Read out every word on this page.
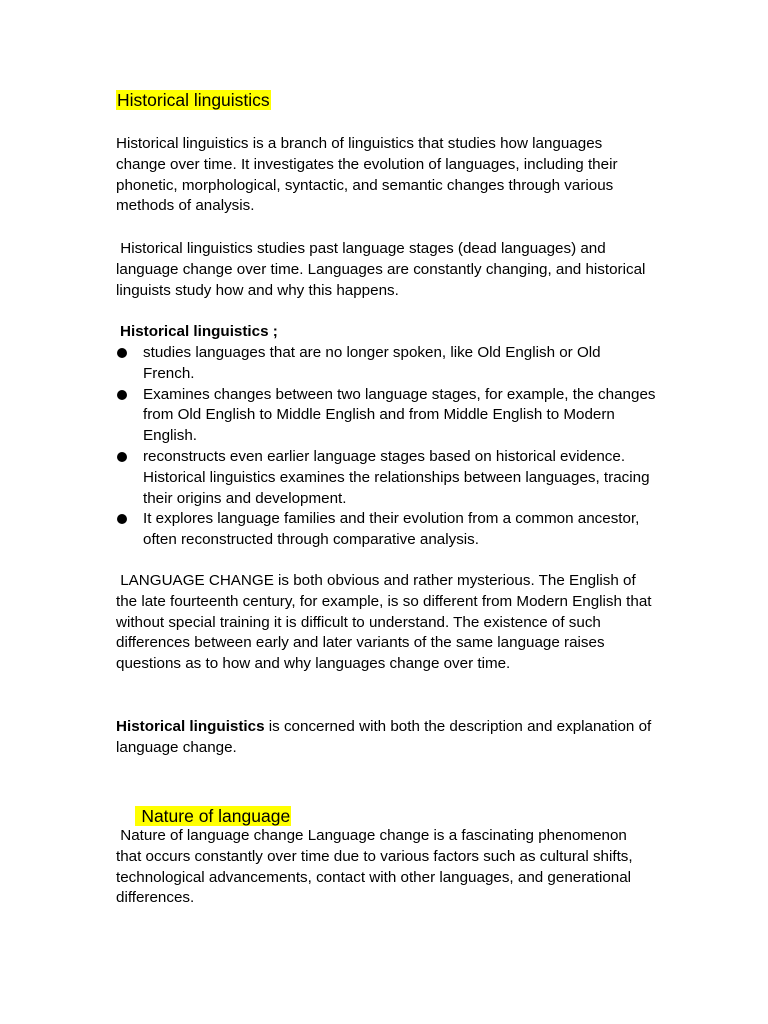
Historical linguistics

Historical linguistics is a branch of linguistics that studies how languages change over time. It investigates the evolution of languages, including their phonetic, morphological, syntactic, and semantic changes through various methods of analysis.

Historical linguistics studies past language stages (dead languages) and language change over time. Languages are constantly changing, and historical linguists study how and why this happens.

Historical linguistics ;
studies languages that are no longer spoken, like Old English or Old French.
Examines changes between two language stages, for example, the changes from Old English to Middle English and from Middle English to Modern English.
reconstructs even earlier language stages based on historical evidence. Historical linguistics examines the relationships between languages, tracing their origins and development.
It explores language families and their evolution from a common ancestor, often reconstructed through comparative analysis.

LANGUAGE CHANGE is both obvious and rather mysterious. The English of the late fourteenth century, for example, is so different from Modern English that without special training it is difficult to understand. The existence of such differences between early and later variants of the same language raises questions as to how and why languages change over time.

Historical linguistics is concerned with both the description and explanation of language change.

Nature of language

Nature of language change Language change is a fascinating phenomenon that occurs constantly over time due to various factors such as cultural shifts, technological advancements, contact with other languages, and generational differences.
